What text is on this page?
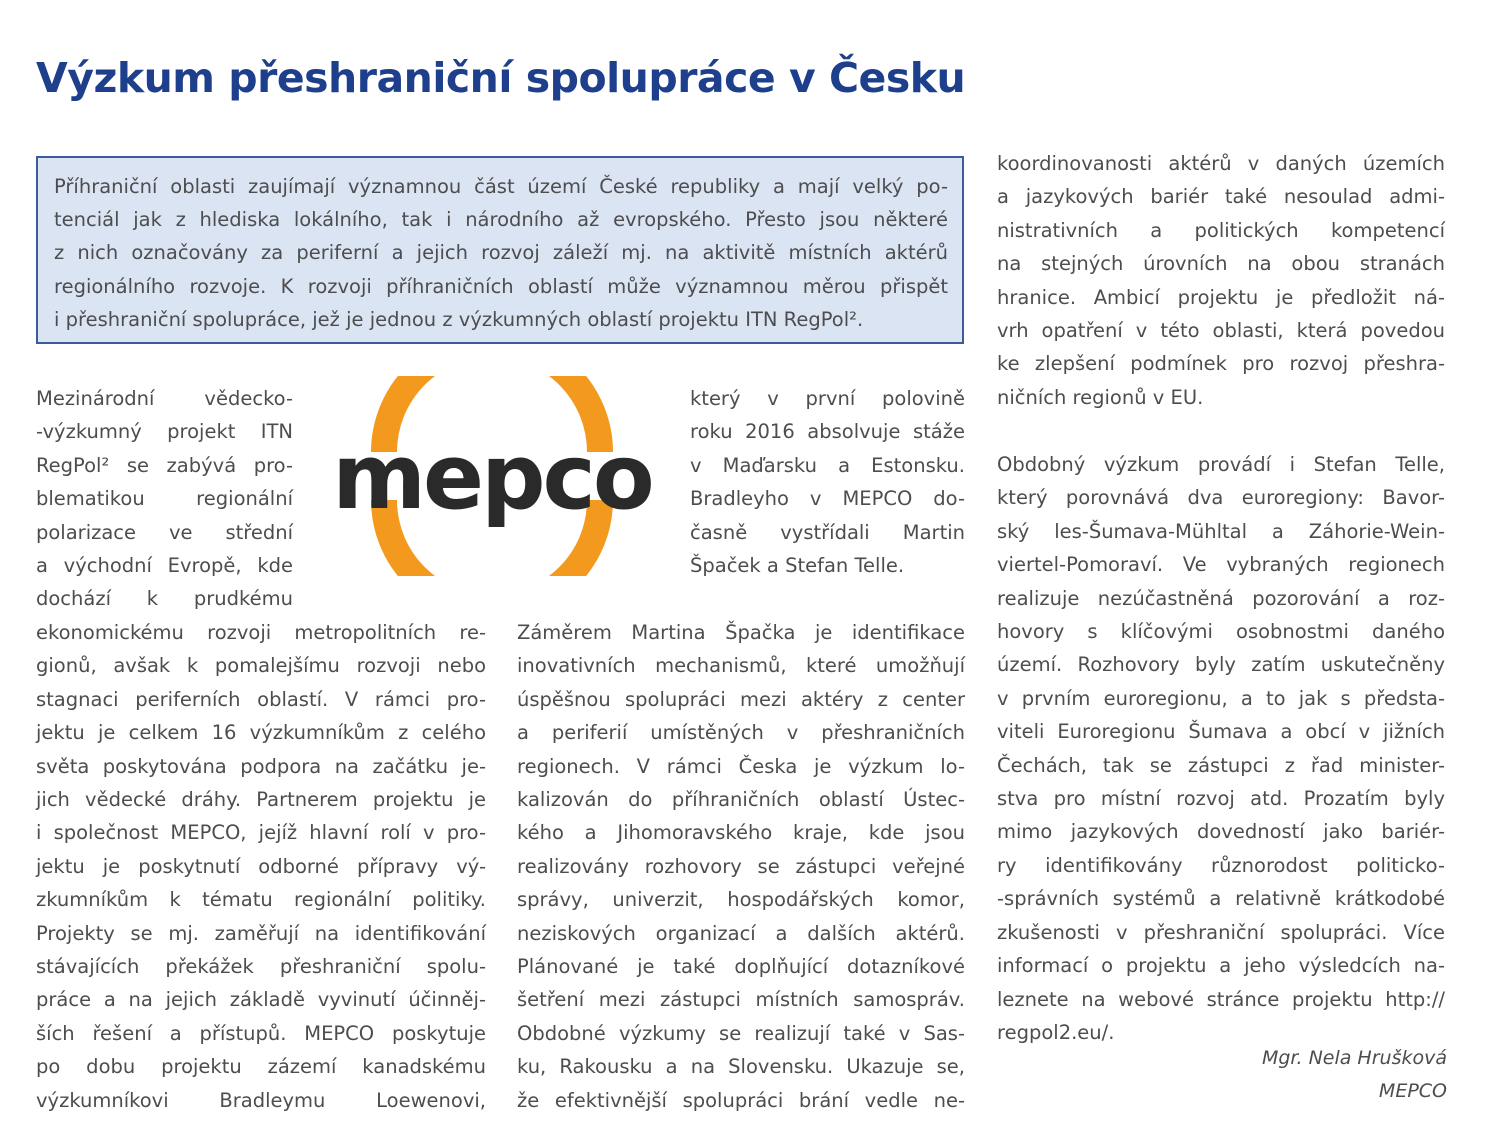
Výzkum přeshraniční spolupráce v Česku
Příhraniční oblasti zaujímají významnou část území České republiky a mají velký po-
tenciál jak z hlediska lokálního, tak i národního až evropského. Přesto jsou některé
z nich označovány za periferní a jejich rozvoj záleží mj. na aktivitě místních aktérů
regionálního rozvoje. K rozvoji příhraničních oblastí může významnou měrou přispět
i přeshraniční spolupráce, jež je jednou z výzkumných oblastí projektu ITN RegPol².
Mezinárodní vědecko-
-výzkumný projekt ITN
RegPol² se zabývá pro-
blematikou regionální
polarizace ve střední
a východní Evropě, kde
dochází k prudkému
ekonomickému rozvoji metropolitních re-
gionů, avšak k pomalejšímu rozvoji nebo
stagnaci periferních oblastí. V rámci pro-
jektu je celkem 16 výzkumníkům z celého
světa poskytována podpora na začátku je-
jich vědecké dráhy. Partnerem projektu je
i společnost MEPCO, jejíž hlavní rolí v pro-
jektu je poskytnutí odborné přípravy vý-
zkumníkům k tématu regionální politiky.
Projekty se mj. zaměřují na identifikování
stávajících překážek přeshraniční spolu-
práce a na jejich základě vyvinutí účinněj-
ších řešení a přístupů. MEPCO poskytuje
po dobu projektu zázemí kanadskému
výzkumníkovi Bradleymu Loewenovi,
mepco
který v první polovině
roku 2016 absolvuje stáže
v Maďarsku a Estonsku.
Bradleyho v MEPCO do-
časně vystřídali Martin
Špaček a Stefan Telle.
Záměrem Martina Špačka je identifikace
inovativních mechanismů, které umožňují
úspěšnou spolupráci mezi aktéry z center
a periferií umístěných v přeshraničních
regionech. V rámci Česka je výzkum lo-
kalizován do příhraničních oblastí Ústec-
kého a Jihomoravského kraje, kde jsou
realizovány rozhovory se zástupci veřejné
správy, univerzit, hospodářských komor,
neziskových organizací a dalších aktérů.
Plánované je také doplňující dotazníkové
šetření mezi zástupci místních samospráv.
Obdobné výzkumy se realizují také v Sas-
ku, Rakousku a na Slovensku. Ukazuje se,
že efektivnější spolupráci brání vedle ne-
koordinovanosti aktérů v daných územích
a jazykových bariér také nesoulad admi-
nistrativních a politických kompetencí
na stejných úrovních na obou stranách
hranice. Ambicí projektu je předložit ná-
vrh opatření v této oblasti, která povedou
ke zlepšení podmínek pro rozvoj přeshra-
ničních regionů v EU.
Obdobný výzkum provádí i Stefan Telle,
který porovnává dva euroregiony: Bavor-
ský les-Šumava-Mühltal a Záhorie-Wein-
viertel-Pomoraví. Ve vybraných regionech
realizuje nezúčastněná pozorování a roz-
hovory s klíčovými osobnostmi daného
území. Rozhovory byly zatím uskutečněny
v prvním euroregionu, a to jak s předsta-
viteli Euroregionu Šumava a obcí v jižních
Čechách, tak se zástupci z řad minister-
stva pro místní rozvoj atd. Prozatím byly
mimo jazykových dovedností jako bariér-
ry identifikovány různorodost politicko-
-správních systémů a relativně krátkodobé
zkušenosti v přeshraniční spolupráci. Více
informací o projektu a jeho výsledcích na-
leznete na webové stránce projektu http://
regpol2.eu/.
Mgr. Nela Hrušková
MEPCO
